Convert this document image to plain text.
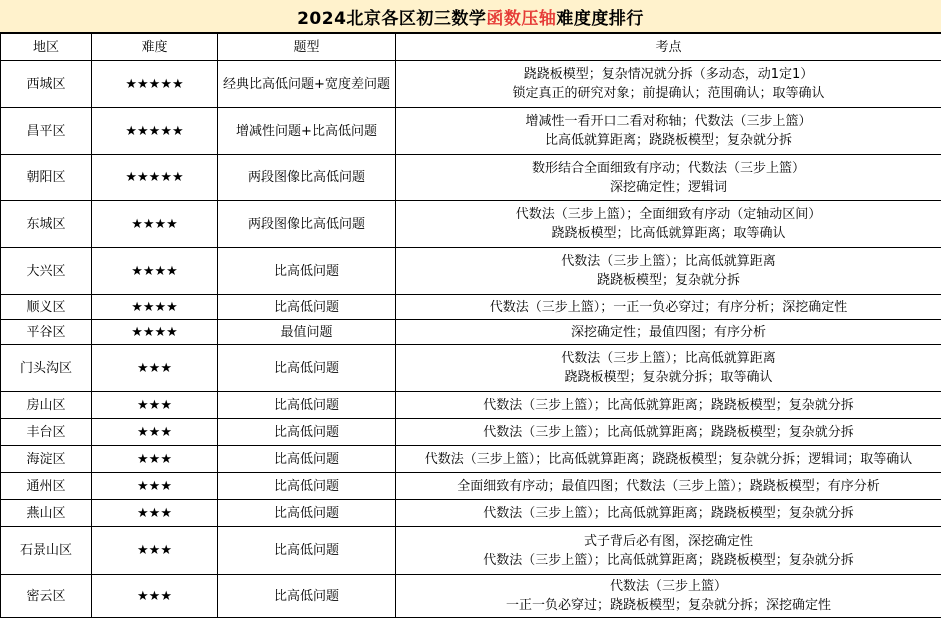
2024北京各区初三数学 函数压轴 难度度排行
地区	难度	题型	考点
西城区	★★★★★	经典比高低问题+宽度差问题	跷跷板模型；复杂情况就分拆（多动态，动1定1）
锁定真正的研究对象；前提确认；范围确认；取等确认

昌平区	★★★★★	增减性问题+比高低问题	增减性一看开口二看对称轴；代数法（三步上篮）
比高低就算距离；跷跷板模型；复杂就分拆

朝阳区	★★★★★	两段图像比高低问题	数形结合全面细致有序动；代数法（三步上篮）
深挖确定性；逻辑词

东城区	★★★★	两段图像比高低问题	代数法（三步上篮）；全面细致有序动（定轴动区间）
跷跷板模型；比高低就算距离；取等确认

大兴区	★★★★	比高低问题	代数法（三步上篮）；比高低就算距离
跷跷板模型；复杂就分拆

顺义区	★★★★	比高低问题	代数法（三步上篮）；一正一负必穿过；有序分析；深挖确定性

平谷区	★★★★	最值问题	深挖确定性；最值四图；有序分析

门头沟区	★★★	比高低问题	代数法（三步上篮）；比高低就算距离
跷跷板模型；复杂就分拆；取等确认

房山区	★★★	比高低问题	代数法（三步上篮）；比高低就算距离；跷跷板模型；复杂就分拆

丰台区	★★★	比高低问题	代数法（三步上篮）；比高低就算距离；跷跷板模型；复杂就分拆

海淀区	★★★	比高低问题	代数法（三步上篮）；比高低就算距离；跷跷板模型；复杂就分拆；逻辑词；取等确认

通州区	★★★	比高低问题	全面细致有序动；最值四图；代数法（三步上篮）；跷跷板模型；有序分析

燕山区	★★★	比高低问题	代数法（三步上篮）；比高低就算距离；跷跷板模型；复杂就分拆

石景山区	★★★	比高低问题	式子背后必有图，深挖确定性
代数法（三步上篮）；比高低就算距离；跷跷板模型；复杂就分拆

密云区	★★★	比高低问题	代数法（三步上篮）
一正一负必穿过；跷跷板模型；复杂就分拆；深挖确定性
